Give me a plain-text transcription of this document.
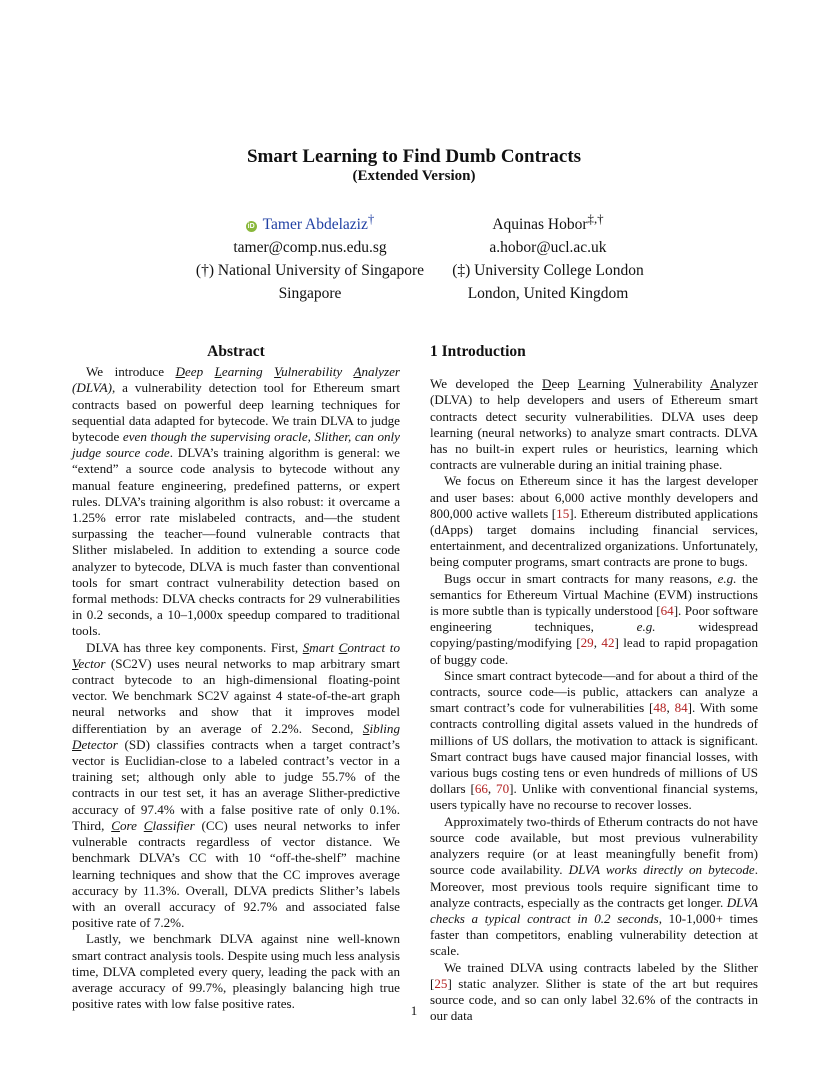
Smart Learning to Find Dumb Contracts
(Extended Version)
iD Tamer Abdelaziz†
tamer@comp.nus.edu.sg
(†) National University of Singapore
Singapore
Aquinas Hobor‡,†
a.hobor@ucl.ac.uk
(‡) University College London
London, United Kingdom
Abstract

We introduce Deep Learning Vulnerability Analyzer (DLVA), a vulnerability detection tool for Ethereum smart contracts based on powerful deep learning techniques for sequential data adapted for bytecode. We train DLVA to judge bytecode even though the supervising oracle, Slither, can only judge source code. DLVA’s training algorithm is general: we “extend” a source code analysis to bytecode without any manual feature engineering, predefined patterns, or expert rules. DLVA’s training algorithm is also robust: it overcame a 1.25% error rate mislabeled contracts, and—the student surpassing the teacher—found vulnerable contracts that Slither mislabeled. In addition to extending a source code analyzer to bytecode, DLVA is much faster than conventional tools for smart contract vulnerability detection based on formal methods: DLVA checks contracts for 29 vulnerabilities in 0.2 seconds, a 10–1,000x speedup compared to traditional tools.

DLVA has three key components. First, Smart Contract to Vector (SC2V) uses neural networks to map arbitrary smart contract bytecode to an high-dimensional floating-point vector. We benchmark SC2V against 4 state-of-the-art graph neural networks and show that it improves model differentiation by an average of 2.2%. Second, Sibling Detector (SD) classifies contracts when a target contract’s vector is Euclidian-close to a labeled contract’s vector in a training set; although only able to judge 55.7% of the contracts in our test set, it has an average Slither-predictive accuracy of 97.4% with a false positive rate of only 0.1%. Third, Core Classifier (CC) uses neural networks to infer vulnerable contracts regardless of vector distance. We benchmark DLVA’s CC with 10 “off-the-shelf” machine learning techniques and show that the CC improves average accuracy by 11.3%. Overall, DLVA predicts Slither’s labels with an overall accuracy of 92.7% and associated false positive rate of 7.2%.

Lastly, we benchmark DLVA against nine well-known smart contract analysis tools. Despite using much less analysis time, DLVA completed every query, leading the pack with an average accuracy of 99.7%, pleasingly balancing high true positive rates with low false positive rates.

1 Introduction

We developed the Deep Learning Vulnerability Analyzer (DLVA) to help developers and users of Ethereum smart contracts detect security vulnerabilities. DLVA uses deep learning (neural networks) to analyze smart contracts. DLVA has no built-in expert rules or heuristics, learning which contracts are vulnerable during an initial training phase.

We focus on Ethereum since it has the largest developer and user bases: about 6,000 active monthly developers and 800,000 active wallets [15]. Ethereum distributed applications (dApps) target domains including financial services, entertainment, and decentralized organizations. Unfortunately, being computer programs, smart contracts are prone to bugs.

Bugs occur in smart contracts for many reasons, e.g. the semantics for Ethereum Virtual Machine (EVM) instructions is more subtle than is typically understood [64]. Poor software engineering techniques, e.g. widespread copying/pasting/modifying [29, 42] lead to rapid propagation of buggy code.

Since smart contract bytecode—and for about a third of the contracts, source code—is public, attackers can analyze a smart contract’s code for vulnerabilities [48, 84]. With some contracts controlling digital assets valued in the hundreds of millions of US dollars, the motivation to attack is significant. Smart contract bugs have caused major financial losses, with various bugs costing tens or even hundreds of millions of US dollars [66, 70]. Unlike with conventional financial systems, users typically have no recourse to recover losses.

Approximately two-thirds of Etherum contracts do not have source code available, but most previous vulnerability analyzers require (or at least meaningfully benefit from) source code availability. DLVA works directly on bytecode. Moreover, most previous tools require significant time to analyze contracts, especially as the contracts get longer. DLVA checks a typical contract in 0.2 seconds, 10-1,000+ times faster than competitors, enabling vulnerability detection at scale.

We trained DLVA using contracts labeled by the Slither [25] static analyzer. Slither is state of the art but requires source code, and so can only label 32.6% of the contracts in our data

1
